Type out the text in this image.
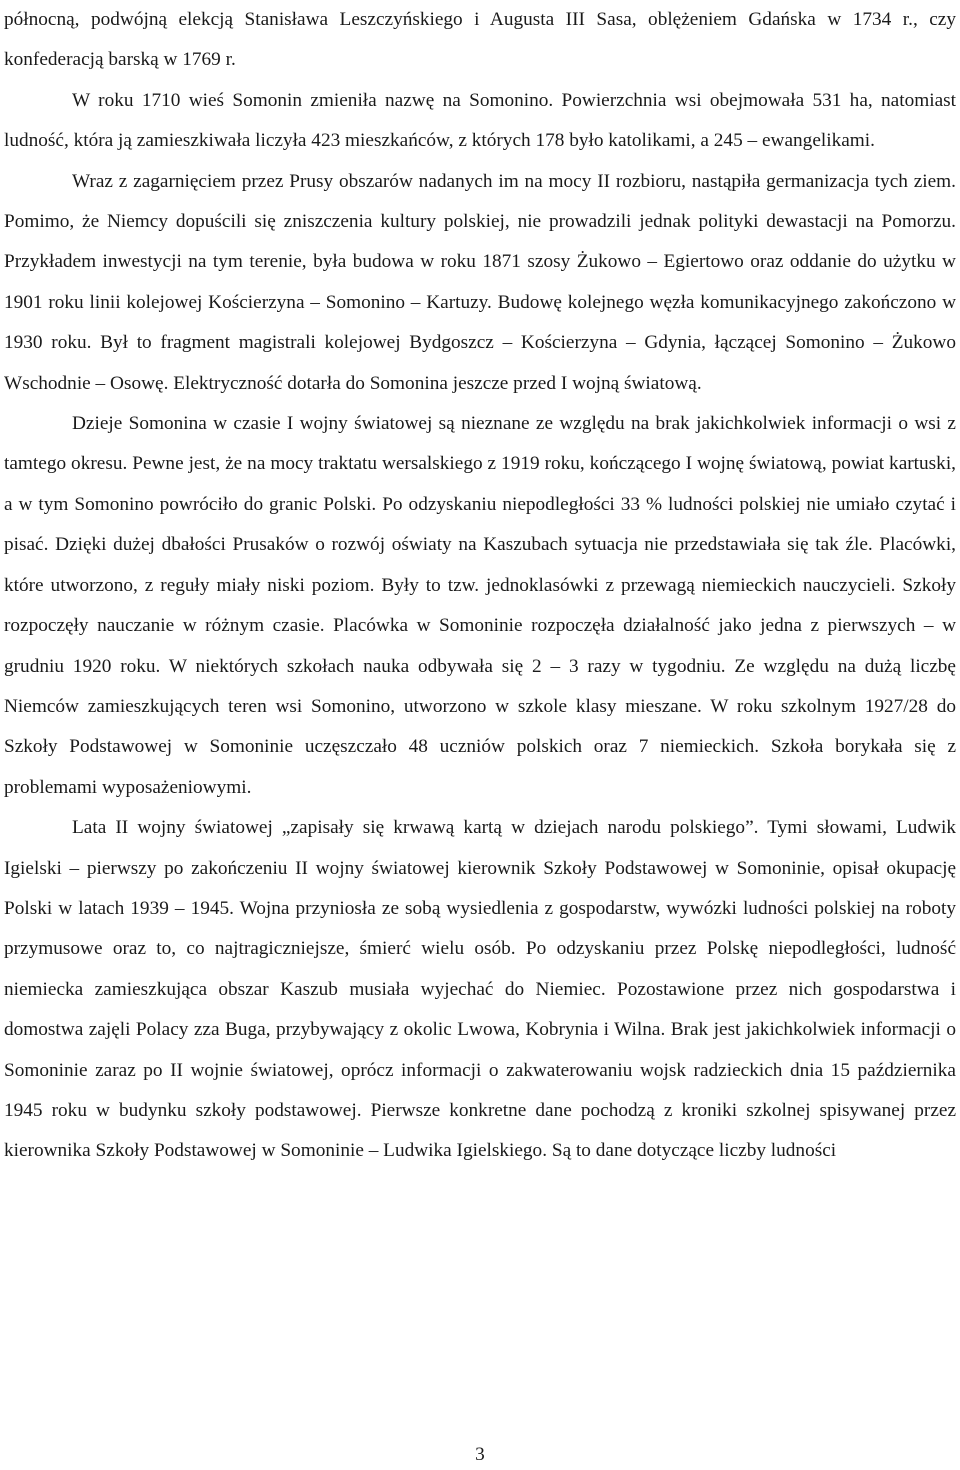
północną, podwójną elekcją Stanisława Leszczyńskiego i Augusta III Sasa, oblężeniem Gdańska w 1734 r., czy konfederacją barską w 1769 r.

W roku 1710 wieś Somonin zmieniła nazwę na Somonino. Powierzchnia wsi obejmowała 531 ha, natomiast ludność, która ją zamieszkiwała liczyła 423 mieszkańców, z których 178 było katolikami, a 245 – ewangelikami.

Wraz z zagarnięciem przez Prusy obszarów nadanych im na mocy II rozbioru, nastąpiła germanizacja tych ziem. Pomimo, że Niemcy dopuścili się zniszczenia kultury polskiej, nie prowadzili jednak polityki dewastacji na Pomorzu. Przykładem inwestycji na tym terenie, była budowa w roku 1871 szosy Żukowo – Egiertowo oraz oddanie do użytku w 1901 roku linii kolejowej Kościerzyna – Somonino – Kartuzy. Budowę kolejnego węzła komunikacyjnego zakończono w 1930 roku. Był to fragment magistrali kolejowej Bydgoszcz – Kościerzyna – Gdynia, łączącej Somonino – Żukowo Wschodnie – Osowę. Elektryczność dotarła do Somonina jeszcze przed I wojną światową.

Dzieje Somonina w czasie I wojny światowej są nieznane ze względu na brak jakichkolwiek informacji o wsi z tamtego okresu. Pewne jest, że na mocy traktatu wersalskiego z 1919 roku, kończącego I wojnę światową, powiat kartuski, a w tym Somonino powróciło do granic Polski. Po odzyskaniu niepodległości 33 % ludności polskiej nie umiało czytać i pisać. Dzięki dużej dbałości Prusaków o rozwój oświaty na Kaszubach sytuacja nie przedstawiała się tak źle. Placówki, które utworzono, z reguły miały niski poziom. Były to tzw. jednoklasówki z przewagą niemieckich nauczycieli. Szkoły rozpoczęły nauczanie w różnym czasie. Placówka w Somoninie rozpoczęła działalność jako jedna z pierwszych – w grudniu 1920 roku. W niektórych szkołach nauka odbywała się 2 – 3 razy w tygodniu. Ze względu na dużą liczbę Niemców zamieszkujących teren wsi Somonino, utworzono w szkole klasy mieszane. W roku szkolnym 1927/28 do Szkoły Podstawowej w Somoninie uczęszczało 48 uczniów polskich oraz 7 niemieckich. Szkoła borykała się z problemami wyposażeniowymi.

Lata II wojny światowej „zapisały się krwawą kartą w dziejach narodu polskiego”. Tymi słowami, Ludwik Igielski – pierwszy po zakończeniu II wojny światowej kierownik Szkoły Podstawowej w Somoninie, opisał okupację Polski w latach 1939 – 1945. Wojna przyniosła ze sobą wysiedlenia z gospodarstw, wywózki ludności polskiej na roboty przymusowe oraz to, co najtragiczniejsze, śmierć wielu osób. Po odzyskaniu przez Polskę niepodległości, ludność niemiecka zamieszkująca obszar Kaszub musiała wyjechać do Niemiec. Pozostawione przez nich gospodarstwa i domostwa zajęli Polacy zza Buga, przybywający z okolic Lwowa, Kobrynia i Wilna. Brak jest jakichkolwiek informacji o Somoninie zaraz po II wojnie światowej, oprócz informacji o zakwaterowaniu wojsk radzieckich dnia 15 października 1945 roku w budynku szkoły podstawowej. Pierwsze konkretne dane pochodzą z kroniki szkolnej spisywanej przez kierownika Szkoły Podstawowej w Somoninie – Ludwika Igielskiego. Są to dane dotyczące liczby ludności

3
